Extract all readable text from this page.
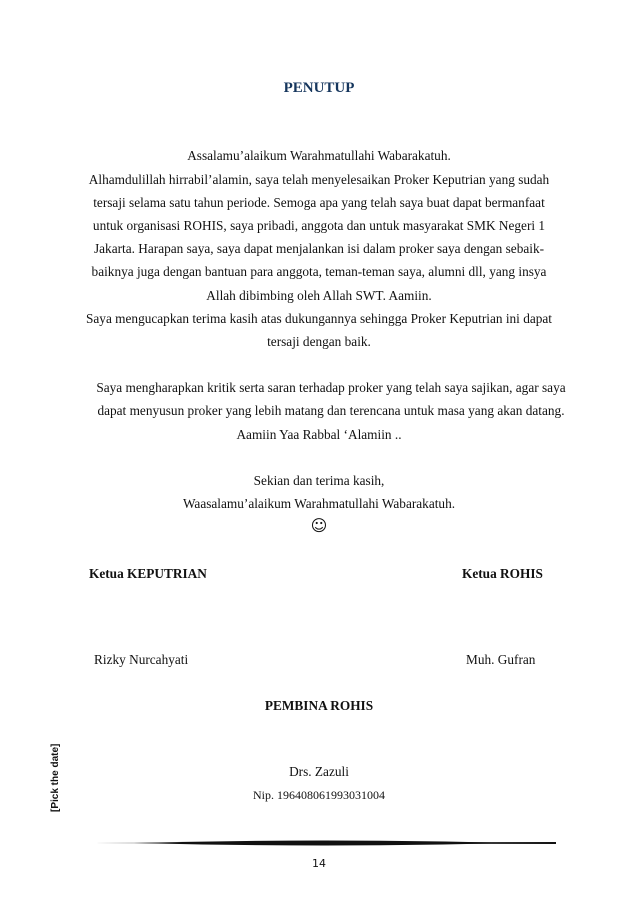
PENUTUP
Assalamu’alaikum Warahmatullahi Wabarakatuh.
Alhamdulillah hirrabil’alamin, saya telah menyelesaikan Proker Keputrian yang sudah
tersaji selama satu tahun periode. Semoga apa yang telah saya buat dapat bermanfaat
untuk organisasi ROHIS, saya pribadi, anggota dan untuk masyarakat SMK Negeri 1
Jakarta. Harapan saya, saya dapat menjalankan isi dalam proker saya dengan sebaik-
baiknya juga dengan bantuan para anggota, teman-teman saya, alumni dll, yang insya
Allah dibimbing oleh Allah SWT. Aamiin.
Saya mengucapkan terima kasih atas dukungannya sehingga Proker Keputrian ini dapat
tersaji dengan baik.
Saya mengharapkan kritik serta saran terhadap proker yang telah saya sajikan, agar saya
dapat menyusun proker yang lebih matang dan terencana untuk masa yang akan datang.
Aamiin Yaa Rabbal ‘Alamiin ..
Sekian dan terima kasih,
Waasalamu’alaikum Warahmatullahi Wabarakatuh.
☺
Ketua KEPUTRIAN	Ketua ROHIS
Rizky Nurcahyati	Muh. Gufran
PEMBINA ROHIS
Drs. Zazuli
Nip. 196408061993031004
[Pick the date]
14
